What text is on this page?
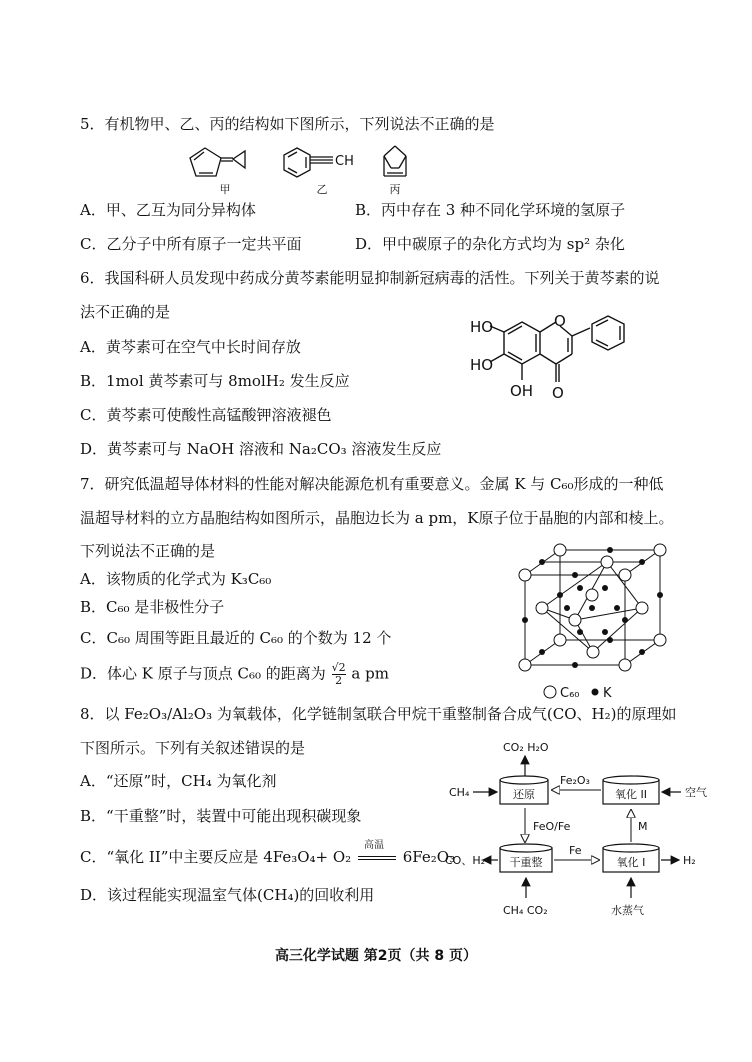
5．有机物甲、乙、丙的结构如下图所示，下列说法不正确的是
甲
CH
乙	丙
A．甲、乙互为同分异构体	B．丙中存在 3 种不同化学环境的氢原子
C．乙分子中所有原子一定共平面	D．甲中碳原子的杂化方式均为 sp² 杂化
6．我国科研人员发现中药成分黄芩素能明显抑制新冠病毒的活性。下列关于黄芩素的说
法不正确的是
A．黄芩素可在空气中长时间存放
B．1mol 黄芩素可与 8molH₂ 发生反应
C．黄芩素可使酸性高锰酸钾溶液褪色
D．黄芩素可与 NaOH 溶液和 Na₂CO₃ 溶液发生反应
O
O
HO
HO
OH
7．研究低温超导体材料的性能对解决能源危机有重要意义。金属 K 与 C₆₀形成的一种低
温超导材料的立方晶胞结构如图所示，晶胞边长为 a pm，K原子位于晶胞的内部和棱上。
下列说法不正确的是
A．该物质的化学式为 K₃C₆₀
B．C₆₀ 是非极性分子
C．C₆₀ 周围等距且最近的 C₆₀ 的个数为 12 个
D．体心 K 原子与顶点 C₆₀ 的距离为 $\frac{√2}{2}$ a pm
C₆₀ K
8．以 Fe₂O₃/Al₂O₃ 为氧载体，化学链制氢联合甲烷干重整制备合成气(CO、H₂)的原理如
下图所示。下列有关叙述错误的是
A．“还原”时，CH₄ 为氧化剂
B．“干重整”时，装置中可能出现积碳现象
C．“氧化 II”中主要反应是 4Fe₃O₄+ O₂
高温
6Fe₂O₃
D．该过程能实现温室气体(CH₄)的回收利用
CO₂ H₂O
还原	氧化 II
干重整	氧化 I
Fe₂O₃
FeO/Fe
Fe
M
CH₄	空气
CO、H₂	H₂
CH₄ CO₂	水蒸气
高三化学试题 第2页（共 8 页）
